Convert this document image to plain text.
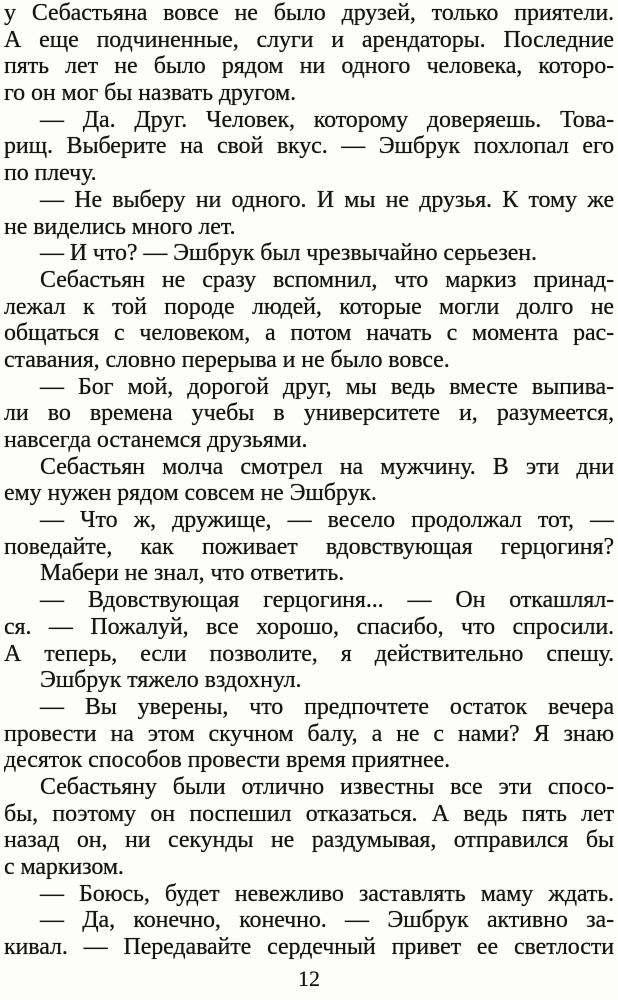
у Себастьяна вовсе не было друзей, только приятели.
А еще подчиненные, слуги и арендаторы. Последние
пять лет не было рядом ни одного человека, которо-
го он мог бы назвать другом.
— Да. Друг. Человек, которому доверяешь. Това-
рищ. Выберите на свой вкус. — Эшбрук похлопал его
по плечу.
— Не выберу ни одного. И мы не друзья. К тому же
не виделись много лет.
— И что? — Эшбрук был чрезвычайно серьезен.
Себастьян не сразу вспомнил, что маркиз принад-
лежал к той породе людей, которые могли долго не
общаться с человеком, а потом начать с момента рас-
ставания, словно перерыва и не было вовсе.
— Бог мой, дорогой друг, мы ведь вместе выпива-
ли во времена учебы в университете и, разумеется,
навсегда останемся друзьями.
Себастьян молча смотрел на мужчину. В эти дни
ему нужен рядом совсем не Эшбрук.
— Что ж, дружище, — весело продолжал тот, —
поведайте, как поживает вдовствующая герцогиня?
Мабери не знал, что ответить.
— Вдовствующая герцогиня... — Он откашлял-
ся. — Пожалуй, все хорошо, спасибо, что спросили.
А теперь, если позволите, я действительно спешу.
Эшбрук тяжело вздохнул.
— Вы уверены, что предпочтете остаток вечера
провести на этом скучном балу, а не с нами? Я знаю
десяток способов провести время приятнее.
Себастьяну были отлично известны все эти спосо-
бы, поэтому он поспешил отказаться. А ведь пять лет
назад он, ни секунды не раздумывая, отправился бы
с маркизом.
— Боюсь, будет невежливо заставлять маму ждать.
— Да, конечно, конечно. — Эшбрук активно за-
кивал. — Передавайте сердечный привет ее светлости
12
